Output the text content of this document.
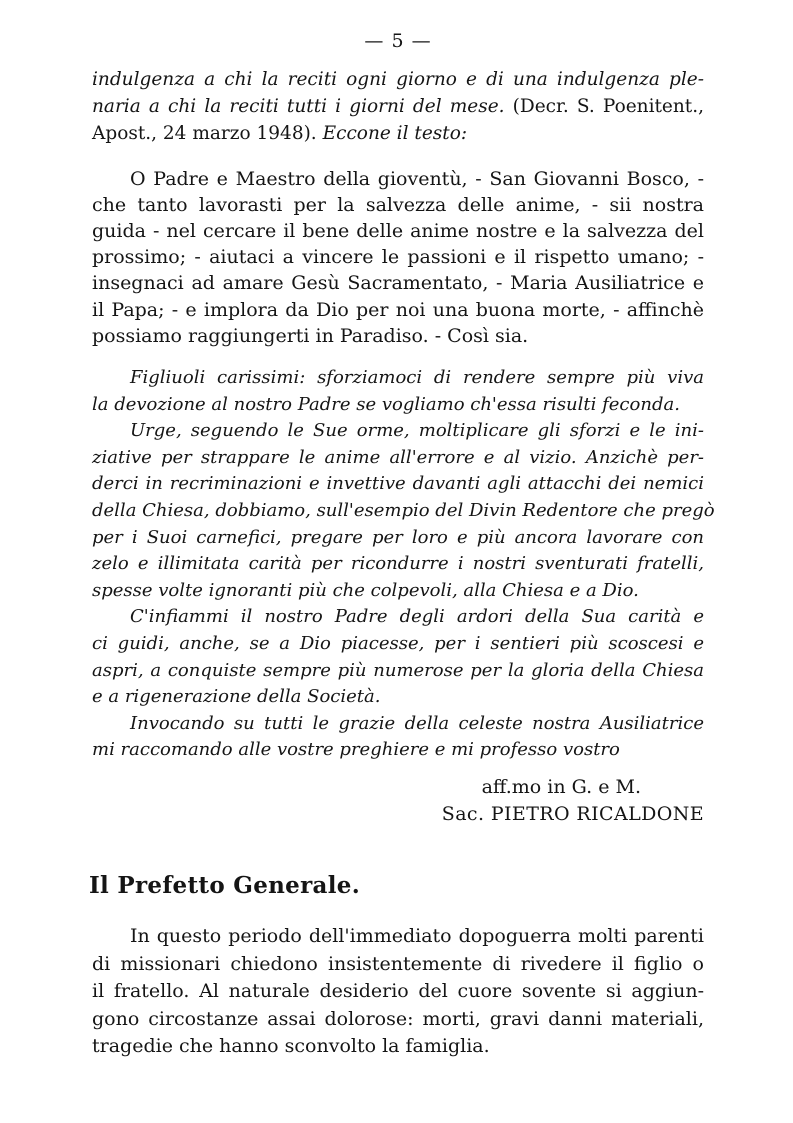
— 5 —
indulgenza a chi la reciti ogni giorno e di una indulgenza ple-
naria a chi la reciti tutti i giorni del mese. (Decr. S. Poenitent.,
Apost., 24 marzo 1948). Eccone il testo:
O Padre e Maestro della gioventù, - San Giovanni Bosco, -
che tanto lavorasti per la salvezza delle anime, - sii nostra
guida - nel cercare il bene delle anime nostre e la salvezza del
prossimo; - aiutaci a vincere le passioni e il rispetto umano; -
insegnaci ad amare Gesù Sacramentato, - Maria Ausiliatrice e
il Papa; - e implora da Dio per noi una buona morte, - affinchè
possiamo raggiungerti in Paradiso. - Così sia.
Figliuoli carissimi: sforziamoci di rendere sempre più viva
la devozione al nostro Padre se vogliamo ch'essa risulti feconda.
Urge, seguendo le Sue orme, moltiplicare gli sforzi e le ini-
ziative per strappare le anime all'errore e al vizio. Anzichè per-
derci in recriminazioni e invettive davanti agli attacchi dei nemici
della Chiesa, dobbiamo, sull'esempio del Divin Redentore che pregò
per i Suoi carnefici, pregare per loro e più ancora lavorare con
zelo e illimitata carità per ricondurre i nostri sventurati fratelli,
spesse volte ignoranti più che colpevoli, alla Chiesa e a Dio.
C'infiammi il nostro Padre degli ardori della Sua carità e
ci guidi, anche, se a Dio piacesse, per i sentieri più scoscesi e
aspri, a conquiste sempre più numerose per la gloria della Chiesa
e a rigenerazione della Società.
Invocando su tutti le grazie della celeste nostra Ausiliatrice
mi raccomando alle vostre preghiere e mi professo vostro
aff.mo in G. e M.
Sac. PIETRO RICALDONE
Il Prefetto Generale.
In questo periodo dell'immediato dopoguerra molti parenti
di missionari chiedono insistentemente di rivedere il figlio o
il fratello. Al naturale desiderio del cuore sovente si aggiun-
gono circostanze assai dolorose: morti, gravi danni materiali,
tragedie che hanno sconvolto la famiglia.
